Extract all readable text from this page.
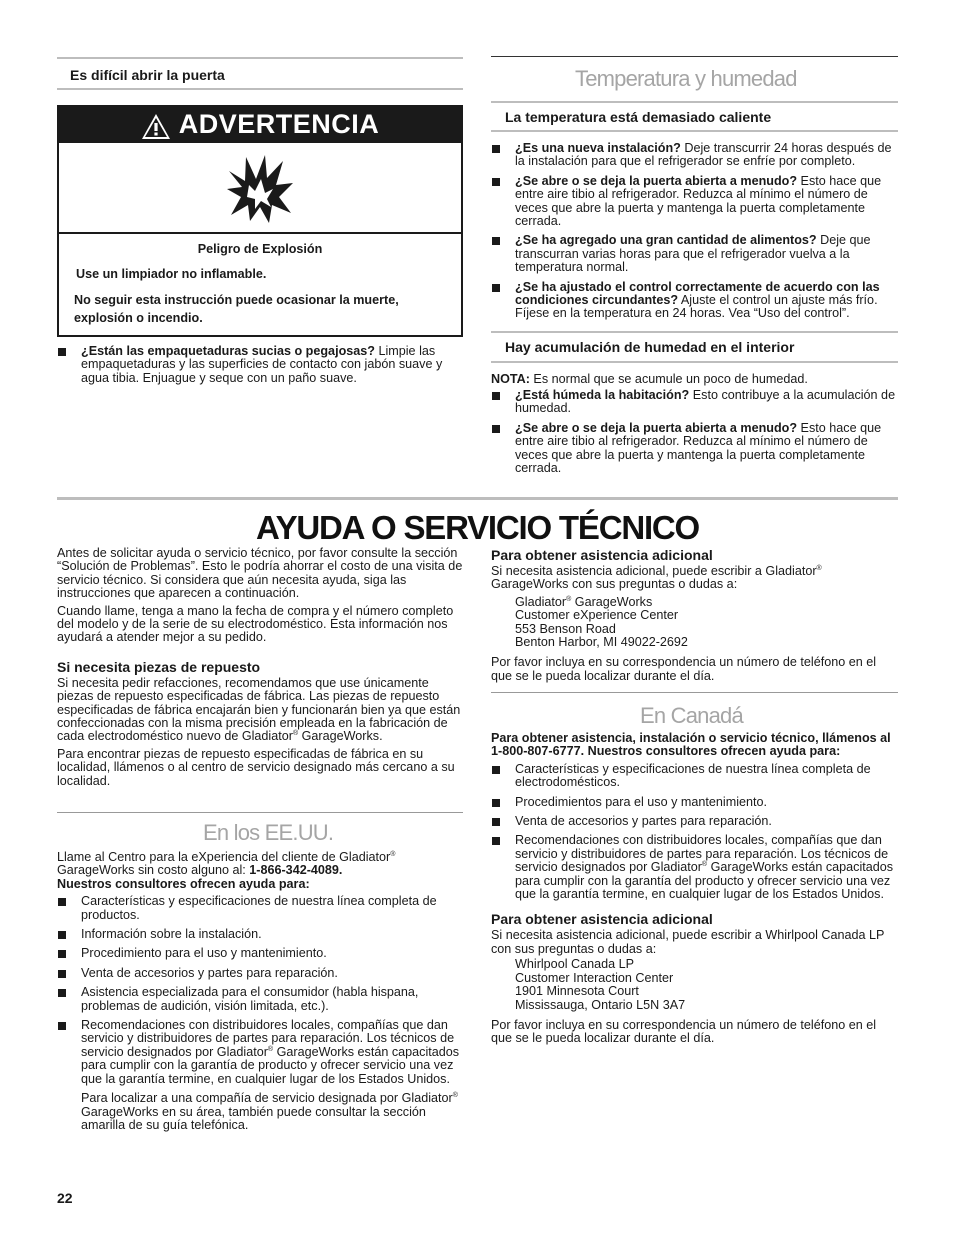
Es difícil abrir la puerta
ADVERTENCIA
Peligro de Explosión
Use un limpiador no inflamable.
No seguir esta instrucción puede ocasionar la muerte, explosión o incendio.
¿Están las empaquetaduras sucias o pegajosas? Limpie las empaquetaduras y las superficies de contacto con jabón suave y agua tibia. Enjuague y seque con un paño suave.
Temperatura y humedad
La temperatura está demasiado caliente
¿Es una nueva instalación? Deje transcurrir 24 horas después de la instalación para que el refrigerador se enfríe por completo.
¿Se abre o se deja la puerta abierta a menudo? Esto hace que entre aire tibio al refrigerador. Reduzca al mínimo el número de veces que abre la puerta y mantenga la puerta completamente cerrada.
¿Se ha agregado una gran cantidad de alimentos? Deje que transcurran varias horas para que el refrigerador vuelva a la temperatura normal.
¿Se ha ajustado el control correctamente de acuerdo con las condiciones circundantes? Ajuste el control un ajuste más frío. Fíjese en la temperatura en 24 horas. Vea “Uso del control”.
Hay acumulación de humedad en el interior

NOTA: Es normal que se acumule un poco de humedad.

¿Está húmeda la habitación? Esto contribuye a la acumulación de humedad.
¿Se abre o se deja la puerta abierta a menudo? Esto hace que entre aire tibio al refrigerador. Reduzca al mínimo el número de veces que abre la puerta y mantenga la puerta completamente cerrada.
AYUDA O SERVICIO TÉCNICO

Antes de solicitar ayuda o servicio técnico, por favor consulte la sección “Solución de Problemas”. Esto le podría ahorrar el costo de una visita de servicio técnico. Si considera que aún necesita ayuda, siga las instrucciones que aparecen a continuación.

Cuando llame, tenga a mano la fecha de compra y el número completo del modelo y de la serie de su electrodoméstico. Esta información nos ayudará a atender mejor a su pedido.

Si necesita piezas de repuesto

Si necesita pedir refacciones, recomendamos que use únicamente piezas de repuesto especificadas de fábrica. Las piezas de repuesto especificadas de fábrica encajarán bien y funcionarán bien ya que están confeccionadas con la misma precisión empleada en la fabricación de cada electrodoméstico nuevo de Gladiator® GarageWorks.

Para encontrar piezas de repuesto especificadas de fábrica en su localidad, llámenos o al centro de servicio designado más cercano a su localidad.

En los EE.UU.

Llame al Centro para la eXperiencia del cliente de Gladiator® GarageWorks sin costo alguno al: 1-866-342-4089.

Nuestros consultores ofrecen ayuda para:

Características y especificaciones de nuestra línea completa de productos.
Información sobre la instalación.
Procedimiento para el uso y mantenimiento.
Venta de accesorios y partes para reparación.
Asistencia especializada para el consumidor (habla hispana, problemas de audición, visión limitada, etc.).
Recomendaciones con distribuidores locales, compañías que dan servicio y distribuidores de partes para reparación. Los técnicos de servicio designados por Gladiator® GarageWorks están capacitados para cumplir con la garantía de producto y ofrecer servicio una vez que la garantía termine, en cualquier lugar de los Estados Unidos.

Para localizar a una compañía de servicio designada por Gladiator® GarageWorks en su área, también puede consultar la sección amarilla de su guía telefónica.

Para obtener asistencia adicional

Si necesita asistencia adicional, puede escribir a Gladiator® GarageWorks con sus preguntas o dudas a:

Gladiator® GarageWorks
Customer eXperience Center
553 Benson Road
Benton Harbor, MI 49022-2692

Por favor incluya en su correspondencia un número de teléfono en el que se le pueda localizar durante el día.

En Canadá

Para obtener asistencia, instalación o servicio técnico, llámenos al 1-800-807-6777. Nuestros consultores ofrecen ayuda para:

Características y especificaciones de nuestra línea completa de electrodomésticos.
Procedimientos para el uso y mantenimiento.
Venta de accesorios y partes para reparación.
Recomendaciones con distribuidores locales, compañías que dan servicio y distribuidores de partes para reparación. Los técnicos de servicio designados por Gladiator® GarageWorks están capacitados para cumplir con la garantía del producto y ofrecer servicio una vez que la garantía termine, en cualquier lugar de los Estados Unidos.
Para obtener asistencia adicional

Si necesita asistencia adicional, puede escribir a Whirlpool Canada LP con sus preguntas o dudas a:

Whirlpool Canada LP
Customer Interaction Center
1901 Minnesota Court
Mississauga, Ontario L5N 3A7

Por favor incluya en su correspondencia un número de teléfono en el que se le pueda localizar durante el día.

22
